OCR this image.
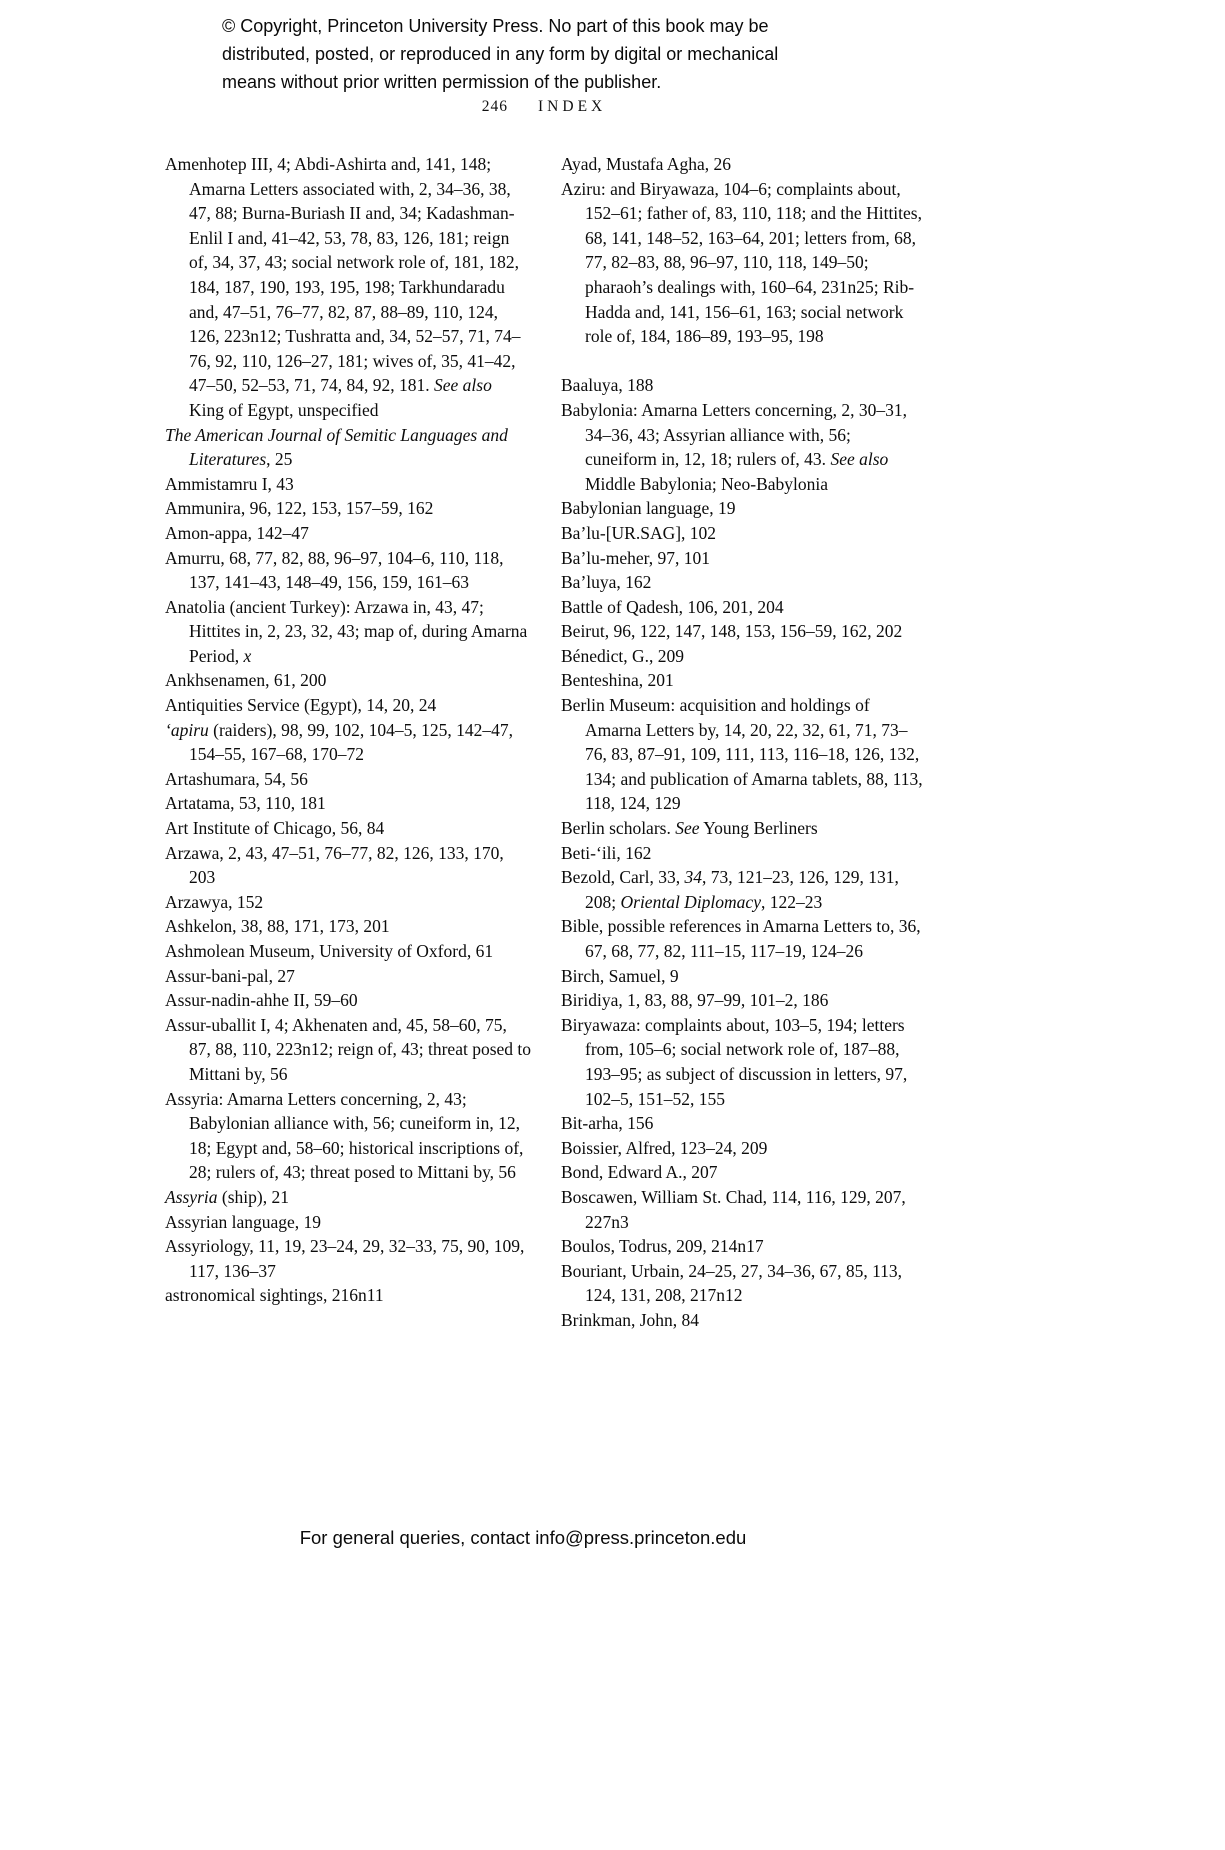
© Copyright, Princeton University Press. No part of this book may be distributed, posted, or reproduced in any form by digital or mechanical means without prior written permission of the publisher.
246 INDEX
Amenhotep III, 4; Abdi-Ashirta and, 141, 148; Amarna Letters associated with, 2, 34–36, 38, 47, 88; Burna-Buriash II and, 34; Kadashman-Enlil I and, 41–42, 53, 78, 83, 126, 181; reign of, 34, 37, 43; social network role of, 181, 182, 184, 187, 190, 193, 195, 198; Tarkhundaradu and, 47–51, 76–77, 82, 87, 88–89, 110, 124, 126, 223n12; Tushratta and, 34, 52–57, 71, 74–76, 92, 110, 126–27, 181; wives of, 35, 41–42, 47–50, 52–53, 71, 74, 84, 92, 181. See also King of Egypt, unspecified
The American Journal of Semitic Languages and Literatures, 25
Ammistamru I, 43
Ammunira, 96, 122, 153, 157–59, 162
Amon-appa, 142–47
Amurru, 68, 77, 82, 88, 96–97, 104–6, 110, 118, 137, 141–43, 148–49, 156, 159, 161–63
Anatolia (ancient Turkey): Arzawa in, 43, 47; Hittites in, 2, 23, 32, 43; map of, during Amarna Period, x
Ankhsenamen, 61, 200
Antiquities Service (Egypt), 14, 20, 24
‘apiru (raiders), 98, 99, 102, 104–5, 125, 142–47, 154–55, 167–68, 170–72
Artashumara, 54, 56
Artatama, 53, 110, 181
Art Institute of Chicago, 56, 84
Arzawa, 2, 43, 47–51, 76–77, 82, 126, 133, 170, 203
Arzawya, 152
Ashkelon, 38, 88, 171, 173, 201
Ashmolean Museum, University of Oxford, 61
Assur-bani-pal, 27
Assur-nadin-ahhe II, 59–60
Assur-uballit I, 4; Akhenaten and, 45, 58–60, 75, 87, 88, 110, 223n12; reign of, 43; threat posed to Mittani by, 56
Assyria: Amarna Letters concerning, 2, 43; Babylonian alliance with, 56; cuneiform in, 12, 18; Egypt and, 58–60; historical inscriptions of, 28; rulers of, 43; threat posed to Mittani by, 56
Assyria (ship), 21
Assyrian language, 19
Assyriology, 11, 19, 23–24, 29, 32–33, 75, 90, 109, 117, 136–37
astronomical sightings, 216n11
Ayad, Mustafa Agha, 26
Aziru: and Biryawaza, 104–6; complaints about, 152–61; father of, 83, 110, 118; and the Hittites, 68, 141, 148–52, 163–64, 201; letters from, 68, 77, 82–83, 88, 96–97, 110, 118, 149–50; pharaoh’s dealings with, 160–64, 231n25; Rib-Hadda and, 141, 156–61, 163; social network role of, 184, 186–89, 193–95, 198
Baaluya, 188
Babylonia: Amarna Letters concerning, 2, 30–31, 34–36, 43; Assyrian alliance with, 56; cuneiform in, 12, 18; rulers of, 43. See also Middle Babylonia; Neo-Babylonia
Babylonian language, 19
Ba’lu-[UR.SAG], 102
Ba’lu-meher, 97, 101
Ba’luya, 162
Battle of Qadesh, 106, 201, 204
Beirut, 96, 122, 147, 148, 153, 156–59, 162, 202
Bénedict, G., 209
Benteshina, 201
Berlin Museum: acquisition and holdings of Amarna Letters by, 14, 20, 22, 32, 61, 71, 73–76, 83, 87–91, 109, 111, 113, 116–18, 126, 132, 134; and publication of Amarna tablets, 88, 113, 118, 124, 129
Berlin scholars. See Young Berliners
Beti-‘ili, 162
Bezold, Carl, 33, 34, 73, 121–23, 126, 129, 131, 208; Oriental Diplomacy, 122–23
Bible, possible references in Amarna Letters to, 36, 67, 68, 77, 82, 111–15, 117–19, 124–26
Birch, Samuel, 9
Biridiya, 1, 83, 88, 97–99, 101–2, 186
Biryawaza: complaints about, 103–5, 194; letters from, 105–6; social network role of, 187–88, 193–95; as subject of discussion in letters, 97, 102–5, 151–52, 155
Bit-arha, 156
Boissier, Alfred, 123–24, 209
Bond, Edward A., 207
Boscawen, William St. Chad, 114, 116, 129, 207, 227n3
Boulos, Todrus, 209, 214n17
Bouriant, Urbain, 24–25, 27, 34–36, 67, 85, 113, 124, 131, 208, 217n12
Brinkman, John, 84
For general queries, contact info@press.princeton.edu
